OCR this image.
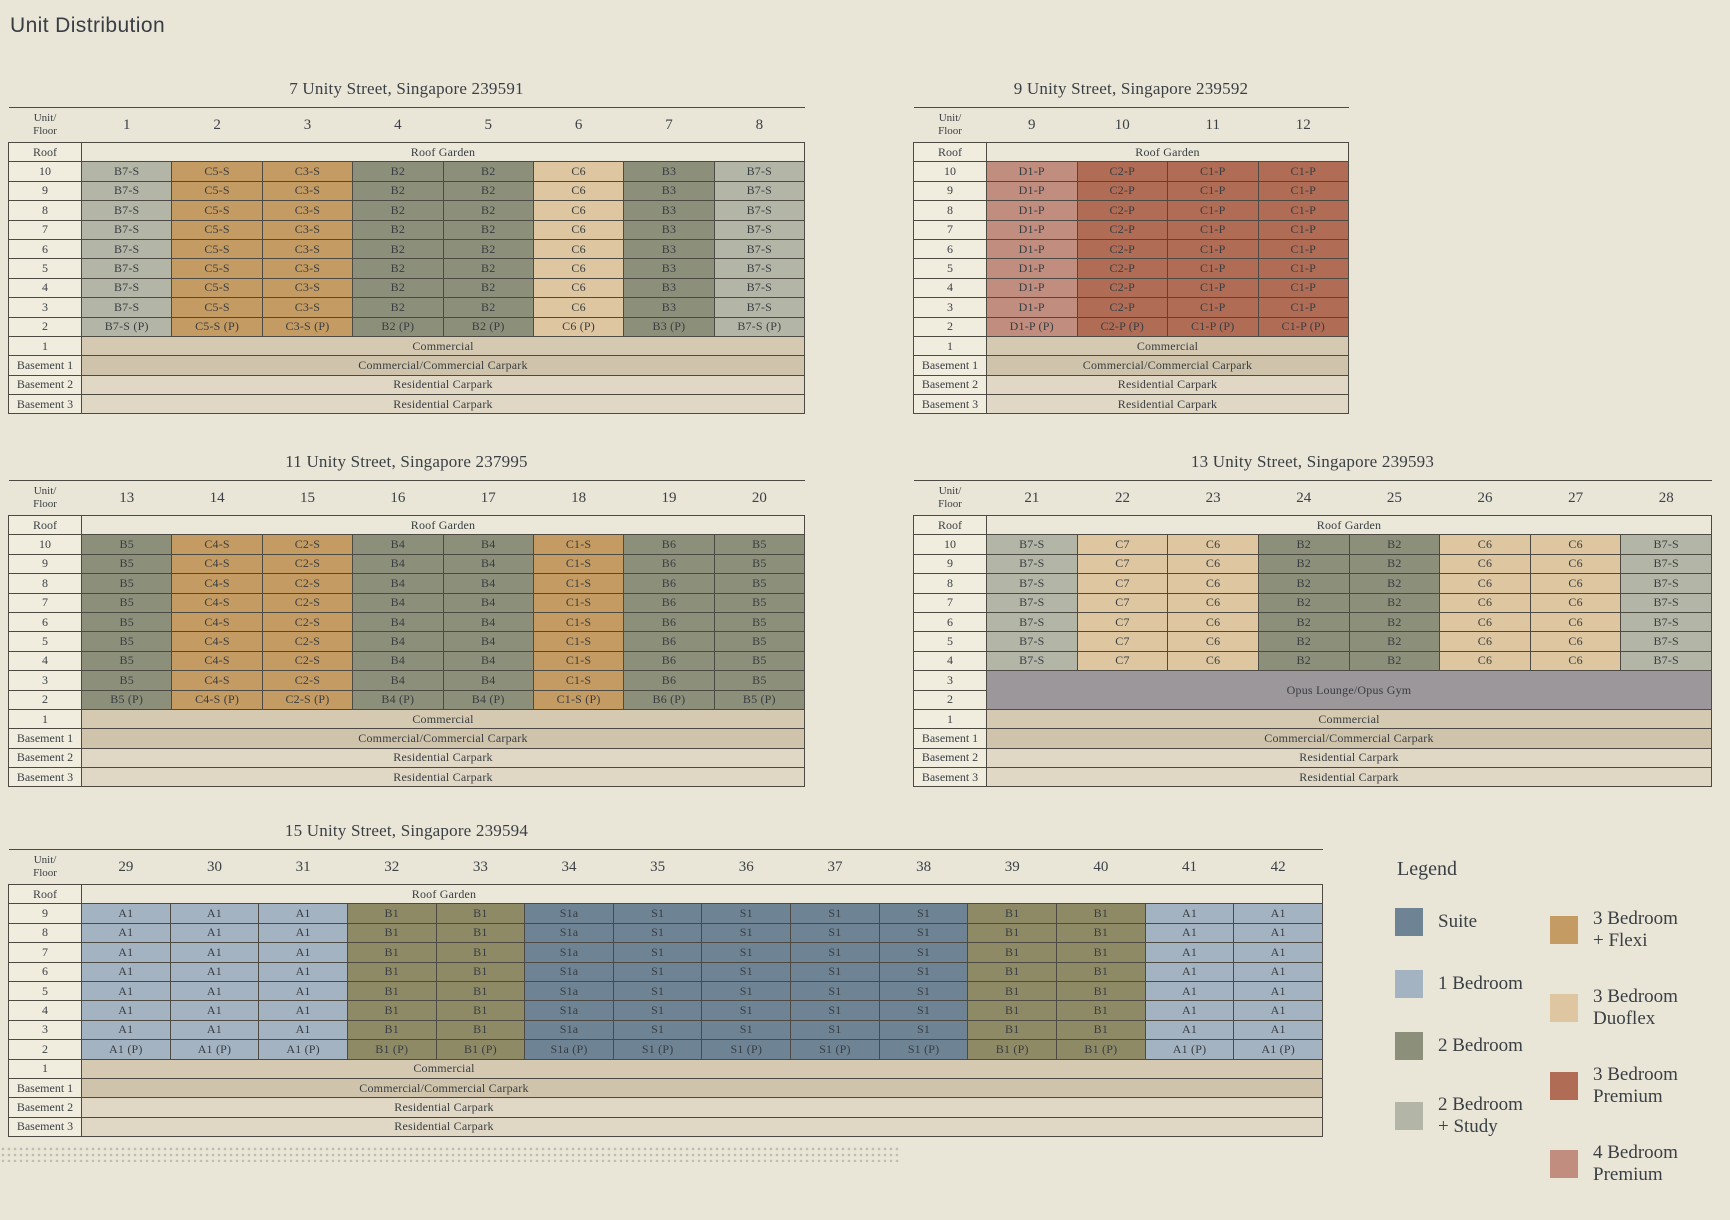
Unit Distribution
7 Unity Street, Singapore 239591
Unit/
Floor	1	2	3	4	5	6	7	8
Roof	Roof Garden							
10	B7-S	C5-S	C3-S	B2	B2	C6	B3	B7-S
9	B7-S	C5-S	C3-S	B2	B2	C6	B3	B7-S
8	B7-S	C5-S	C3-S	B2	B2	C6	B3	B7-S
7	B7-S	C5-S	C3-S	B2	B2	C6	B3	B7-S
6	B7-S	C5-S	C3-S	B2	B2	C6	B3	B7-S
5	B7-S	C5-S	C3-S	B2	B2	C6	B3	B7-S
4	B7-S	C5-S	C3-S	B2	B2	C6	B3	B7-S
3	B7-S	C5-S	C3-S	B2	B2	C6	B3	B7-S
2	B7-S (P)	C5-S (P)	C3-S (P)	B2 (P)	B2 (P)	C6 (P)	B3 (P)	B7-S (P)
1	Commercial							
Basement 1	Commercial/Commercial Carpark							
Basement 2	Residential Carpark							
Basement 3	Residential Carpark							
9 Unity Street, Singapore 239592
Unit/
Floor	9	10	11	12
Roof	Roof Garden			
10	D1-P	C2-P	C1-P	C1-P
9	D1-P	C2-P	C1-P	C1-P
8	D1-P	C2-P	C1-P	C1-P
7	D1-P	C2-P	C1-P	C1-P
6	D1-P	C2-P	C1-P	C1-P
5	D1-P	C2-P	C1-P	C1-P
4	D1-P	C2-P	C1-P	C1-P
3	D1-P	C2-P	C1-P	C1-P
2	D1-P (P)	C2-P (P)	C1-P (P)	C1-P (P)
1	Commercial			
Basement 1	Commercial/Commercial Carpark			
Basement 2	Residential Carpark			
Basement 3	Residential Carpark			
11 Unity Street, Singapore 237995
Unit/
Floor	13	14	15	16	17	18	19	20
Roof	Roof Garden							
10	B5	C4-S	C2-S	B4	B4	C1-S	B6	B5
9	B5	C4-S	C2-S	B4	B4	C1-S	B6	B5
8	B5	C4-S	C2-S	B4	B4	C1-S	B6	B5
7	B5	C4-S	C2-S	B4	B4	C1-S	B6	B5
6	B5	C4-S	C2-S	B4	B4	C1-S	B6	B5
5	B5	C4-S	C2-S	B4	B4	C1-S	B6	B5
4	B5	C4-S	C2-S	B4	B4	C1-S	B6	B5
3	B5	C4-S	C2-S	B4	B4	C1-S	B6	B5
2	B5 (P)	C4-S (P)	C2-S (P)	B4 (P)	B4 (P)	C1-S (P)	B6 (P)	B5 (P)
1	Commercial							
Basement 1	Commercial/Commercial Carpark							
Basement 2	Residential Carpark							
Basement 3	Residential Carpark							
13 Unity Street, Singapore 239593
Unit/
Floor	21	22	23	24	25	26	27	28
Roof	Roof Garden							
10	B7-S	C7	C6	B2	B2	C6	C6	B7-S
9	B7-S	C7	C6	B2	B2	C6	C6	B7-S
8	B7-S	C7	C6	B2	B2	C6	C6	B7-S
7	B7-S	C7	C6	B2	B2	C6	C6	B7-S
6	B7-S	C7	C6	B2	B2	C6	C6	B7-S
5	B7-S	C7	C6	B2	B2	C6	C6	B7-S
4	B7-S	C7	C6	B2	B2	C6	C6	B7-S
3	Opus Lounge/Opus Gym							
2								
1	Commercial							
Basement 1	Commercial/Commercial Carpark							
Basement 2	Residential Carpark							
Basement 3	Residential Carpark							
15 Unity Street, Singapore 239594
Unit/
Floor	29	30	31	32	33	34	35	36	37	38	39	40	41	42
Roof	Roof Garden													

9	A1	A1	A1	B1	B1	S1a	S1	S1	S1	S1	B1	B1	A1	A1
8	A1	A1	A1	B1	B1	S1a	S1	S1	S1	S1	B1	B1	A1	A1
7	A1	A1	A1	B1	B1	S1a	S1	S1	S1	S1	B1	B1	A1	A1
6	A1	A1	A1	B1	B1	S1a	S1	S1	S1	S1	B1	B1	A1	A1
5	A1	A1	A1	B1	B1	S1a	S1	S1	S1	S1	B1	B1	A1	A1
4	A1	A1	A1	B1	B1	S1a	S1	S1	S1	S1	B1	B1	A1	A1
3	A1	A1	A1	B1	B1	S1a	S1	S1	S1	S1	B1	B1	A1	A1
2	A1 (P)	A1 (P)	A1 (P)	B1 (P)	B1 (P)	S1a (P)	S1 (P)	S1 (P)	S1 (P)	S1 (P)	B1 (P)	B1 (P)	A1 (P)	A1 (P)
1	Commercial													

Basement 1	Commercial/Commercial Carpark													

Basement 2	Residential Carpark													

Basement 3	Residential Carpark													
Legend
Suite
1 Bedroom
2 Bedroom
2 Bedroom
+ Study
3 Bedroom
+ Flexi
3 Bedroom
Duoflex
3 Bedroom
Premium
4 Bedroom
Premium
